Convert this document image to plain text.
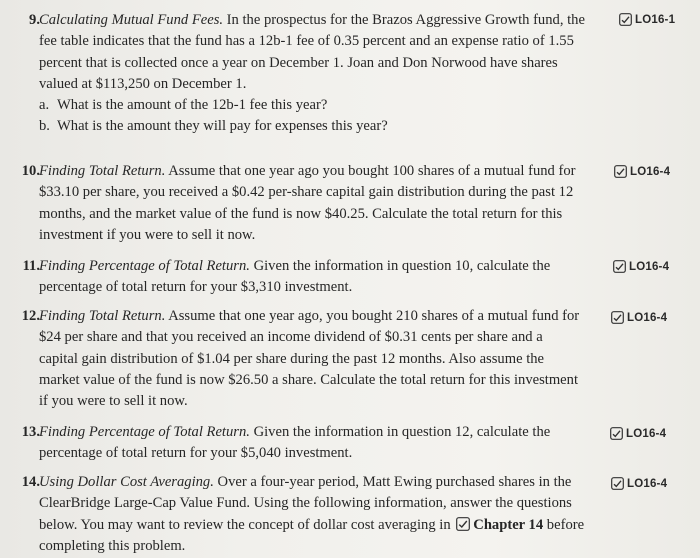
9. Calculating Mutual Fund Fees. In the prospectus for the Brazos Aggressive Growth fund, the
fee table indicates that the fund has a 12b-1 fee of 0.35 percent and an expense ratio of 1.55
percent that is collected once a year on December 1. Joan and Don Norwood have shares
valued at $113,250 on December 1.
a. What is the amount of the 12b-1 fee this year?
b. What is the amount they will pay for expenses this year?
LO16-1
10. Finding Total Return. Assume that one year ago you bought 100 shares of a mutual fund for
$33.10 per share, you received a $0.42 per-share capital gain distribution during the past 12
months, and the market value of the fund is now $40.25. Calculate the total return for this
investment if you were to sell it now.
LO16-4
11. Finding Percentage of Total Return. Given the information in question 10, calculate the
percentage of total return for your $3,310 investment.
LO16-4
12. Finding Total Return. Assume that one year ago, you bought 210 shares of a mutual fund for
$24 per share and that you received an income dividend of $0.31 cents per share and a
capital gain distribution of $1.04 per share during the past 12 months. Also assume the
market value of the fund is now $26.50 a share. Calculate the total return for this investment
if you were to sell it now.
LO16-4
13. Finding Percentage of Total Return. Given the information in question 12, calculate the
percentage of total return for your $5,040 investment.
LO16-4
14. Using Dollar Cost Averaging. Over a four-year period, Matt Ewing purchased shares in the
ClearBridge Large-Cap Value Fund. Using the following information, answer the questions
below. You may want to review the concept of dollar cost averaging in Chapter 14 before
completing this problem.
LO16-4
